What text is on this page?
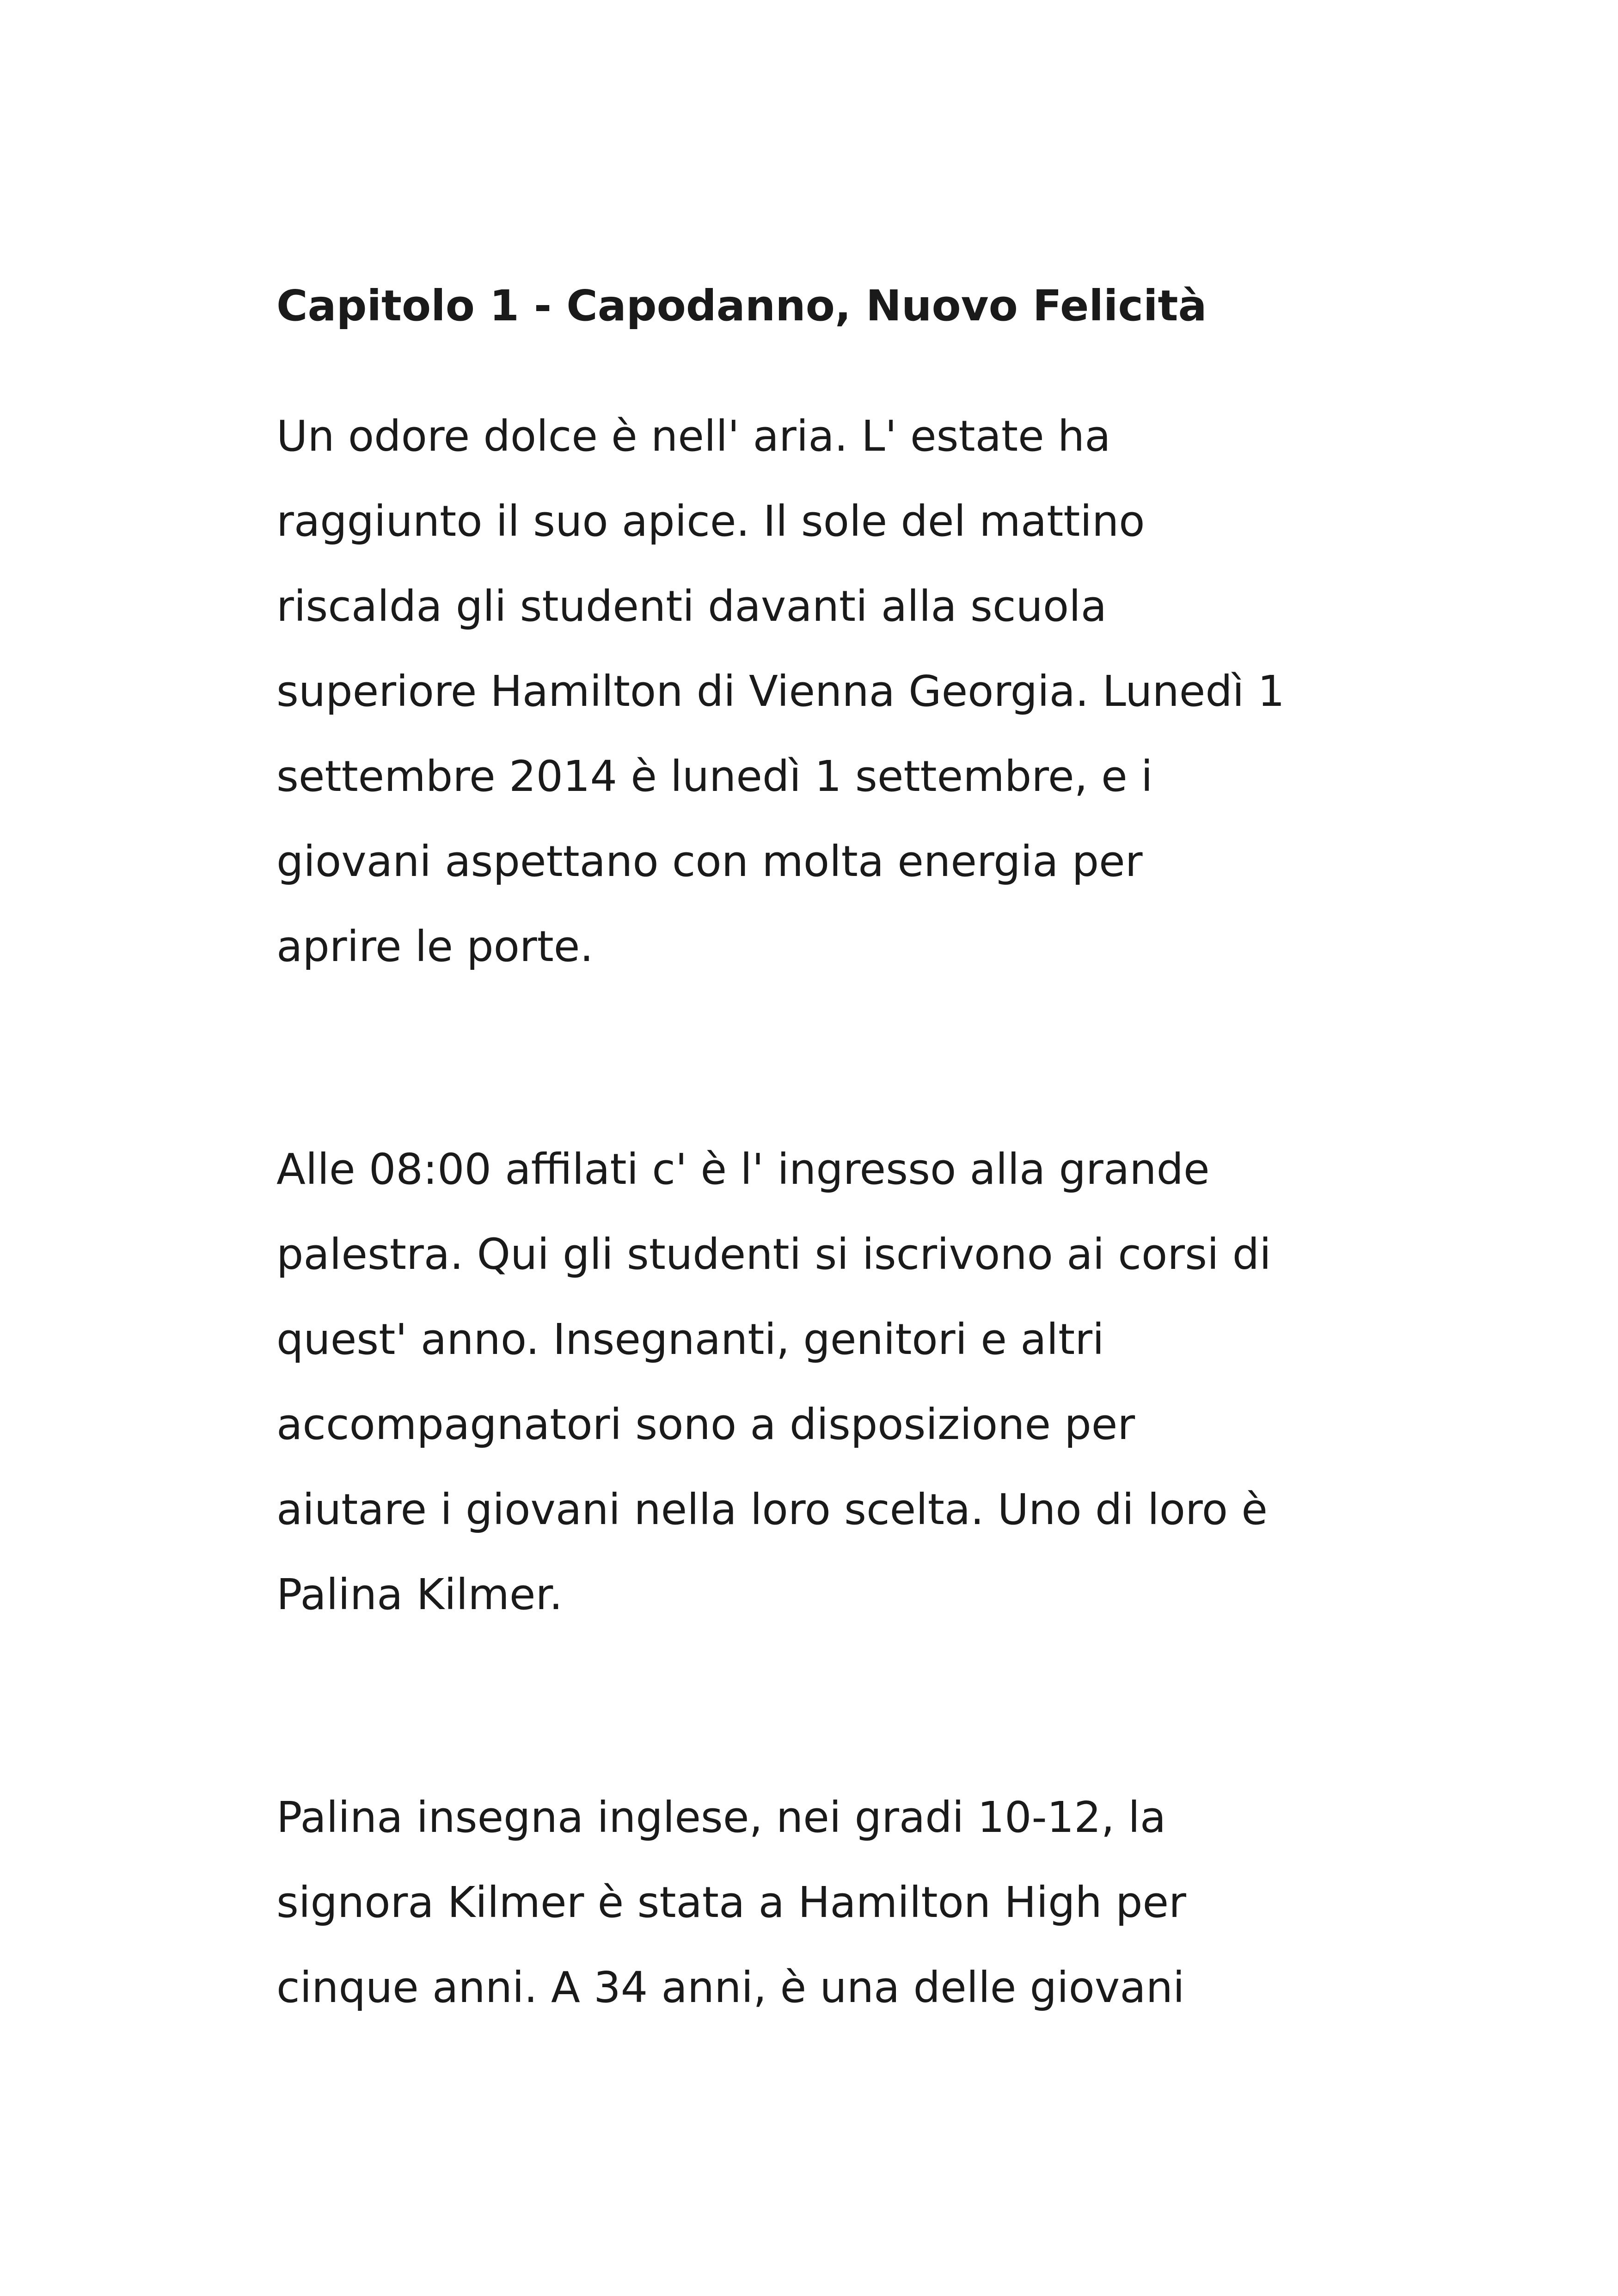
Capitolo 1 - Capodanno, Nuovo Felicità

Un odore dolce è nell' aria. L' estate ha

raggiunto il suo apice. Il sole del mattino

riscalda gli studenti davanti alla scuola

superiore Hamilton di Vienna Georgia. Lunedì 1

settembre 2014 è lunedì 1 settembre, e i

giovani aspettano con molta energia per

aprire le porte.

Alle 08:00 affilati c' è l' ingresso alla grande

palestra. Qui gli studenti si iscrivono ai corsi di

quest' anno. Insegnanti, genitori e altri

accompagnatori sono a disposizione per

aiutare i giovani nella loro scelta. Uno di loro è

Palina Kilmer.

Palina insegna inglese, nei gradi 10-12, la

signora Kilmer è stata a Hamilton High per

cinque anni. A 34 anni, è una delle giovani
